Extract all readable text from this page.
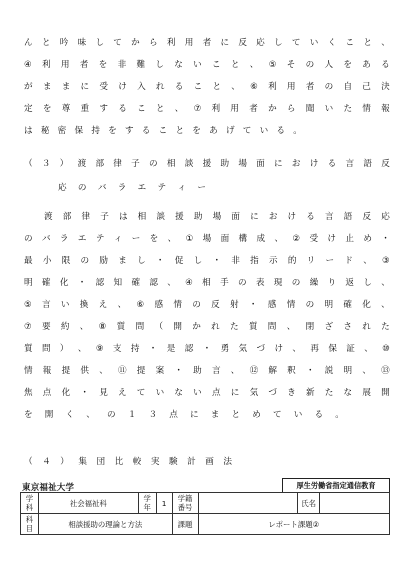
ん と 吟 味 し て か ら 利 用 者 に 反 応 し て い く こ と 、
④ 利 用 者 を 非 難 し な い こ と 、 ⑤ そ の 人 を あ る
が ま ま に 受 け 入 れ る こ と 、 ⑥ 利 用 者 の 自 己 決
定 を 尊 重 す る こ と 、 ⑦ 利 用 者 か ら 聞 い た 情 報
は 秘 密 保 持 を す る こ と を あ げ て い る 。
（ ３ ） 渡 部 律 子 の 相 談 援 助 場 面 に お け る 言 語 反
応 の バ ラ エ テ ィ ー
渡 部 律 子 は 相 談 援 助 場 面 に お け る 言 語 反 応
の バ ラ エ テ ィ ー を 、 ① 場 面 構 成 、 ② 受 け 止 め ・
最 小 限 の 励 ま し ・ 促 し ・ 非 指 示 的 リ ー ド 、 ③
明 確 化 ・ 認 知 確 認 、 ④ 相 手 の 表 現 の 繰 り 返 し 、
⑤ 言 い 換 え 、 ⑥ 感 情 の 反 射 ・ 感 情 の 明 確 化 、
⑦ 要 約 、 ⑧ 質 問 （ 開 か れ た 質 問 、 閉 ざ さ れ た
質 問 ） 、 ⑨ 支 持 ・ 是 認 ・ 勇 気 づ け 、 再 保 証 、 ⑩
情 報 提 供 、 ⑪ 提 案 ・ 助 言 、 ⑫ 解 釈 ・ 説 明 、 ⑬
焦 点 化 ・ 見 え て い な い 点 に 気 づ き 新 た な 展 開
を 開 く 、 の １ ３ 点 に ま と め て い る 。
（ ４ ） 集 団 比 較 実 験 計 画 法
東京福祉大学	厚生労働省指定通信教育
学科	社会福祉科	学年	1	学籍番号		氏名	
科目	相談援助の理論と方法			課題	レポート課題②		
